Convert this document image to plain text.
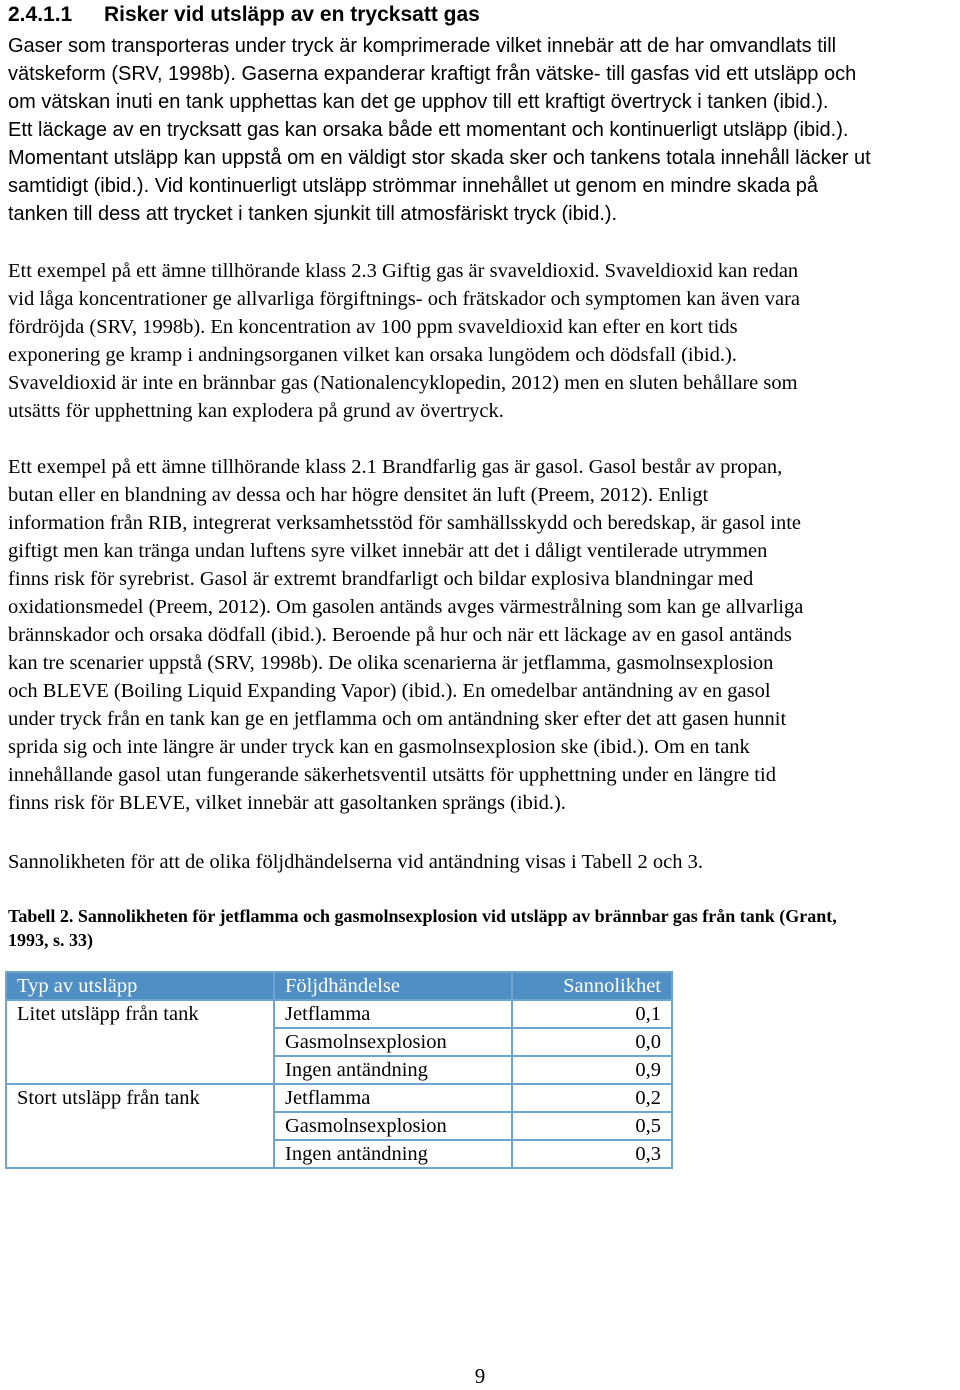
2.4.1.1 Risker vid utsläpp av en trycksatt gas
Gaser som transporteras under tryck är komprimerade vilket innebär att de har omvandlats till
vätskeform (SRV, 1998b). Gaserna expanderar kraftigt från vätske- till gasfas vid ett utsläpp och
om vätskan inuti en tank upphettas kan det ge upphov till ett kraftigt övertryck i tanken (ibid.).
Ett läckage av en trycksatt gas kan orsaka både ett momentant och kontinuerligt utsläpp (ibid.).
Momentant utsläpp kan uppstå om en väldigt stor skada sker och tankens totala innehåll läcker ut
samtidigt (ibid.). Vid kontinuerligt utsläpp strömmar innehållet ut genom en mindre skada på
tanken till dess att trycket i tanken sjunkit till atmosfäriskt tryck (ibid.).
Ett exempel på ett ämne tillhörande klass 2.3 Giftig gas är svaveldioxid. Svaveldioxid kan redan
vid låga koncentrationer ge allvarliga förgiftnings- och frätskador och symptomen kan även vara
fördröjda (SRV, 1998b). En koncentration av 100 ppm svaveldioxid kan efter en kort tids
exponering ge kramp i andningsorganen vilket kan orsaka lungödem och dödsfall (ibid.).
Svaveldioxid är inte en brännbar gas (Nationalencyklopedin, 2012) men en sluten behållare som
utsätts för upphettning kan explodera på grund av övertryck.
Ett exempel på ett ämne tillhörande klass 2.1 Brandfarlig gas är gasol. Gasol består av propan,
butan eller en blandning av dessa och har högre densitet än luft (Preem, 2012). Enligt
information från RIB, integrerat verksamhetsstöd för samhällsskydd och beredskap, är gasol inte
giftigt men kan tränga undan luftens syre vilket innebär att det i dåligt ventilerade utrymmen
finns risk för syrebrist. Gasol är extremt brandfarligt och bildar explosiva blandningar med
oxidationsmedel (Preem, 2012). Om gasolen antänds avges värmestrålning som kan ge allvarliga
brännskador och orsaka dödfall (ibid.). Beroende på hur och när ett läckage av en gasol antänds
kan tre scenarier uppstå (SRV, 1998b). De olika scenarierna är jetflamma, gasmolnsexplosion
och BLEVE (Boiling Liquid Expanding Vapor) (ibid.). En omedelbar antändning av en gasol
under tryck från en tank kan ge en jetflamma och om antändning sker efter det att gasen hunnit
sprida sig och inte längre är under tryck kan en gasmolnsexplosion ske (ibid.). Om en tank
innehållande gasol utan fungerande säkerhetsventil utsätts för upphettning under en längre tid
finns risk för BLEVE, vilket innebär att gasoltanken sprängs (ibid.).
Sannolikheten för att de olika följdhändelserna vid antändning visas i Tabell 2 och 3.
Tabell 2. Sannolikheten för jetflamma och gasmolnsexplosion vid utsläpp av brännbar gas från tank (Grant,
1993, s. 33)
Typ av utsläpp	Följdhändelse	Sannolikhet
Litet utsläpp från tank	Jetflamma	0,1
	Gasmolnsexplosion	0,0
	Ingen antändning	0,9
Stort utsläpp från tank	Jetflamma	0,2
	Gasmolnsexplosion	0,5
	Ingen antändning	0,3
9
